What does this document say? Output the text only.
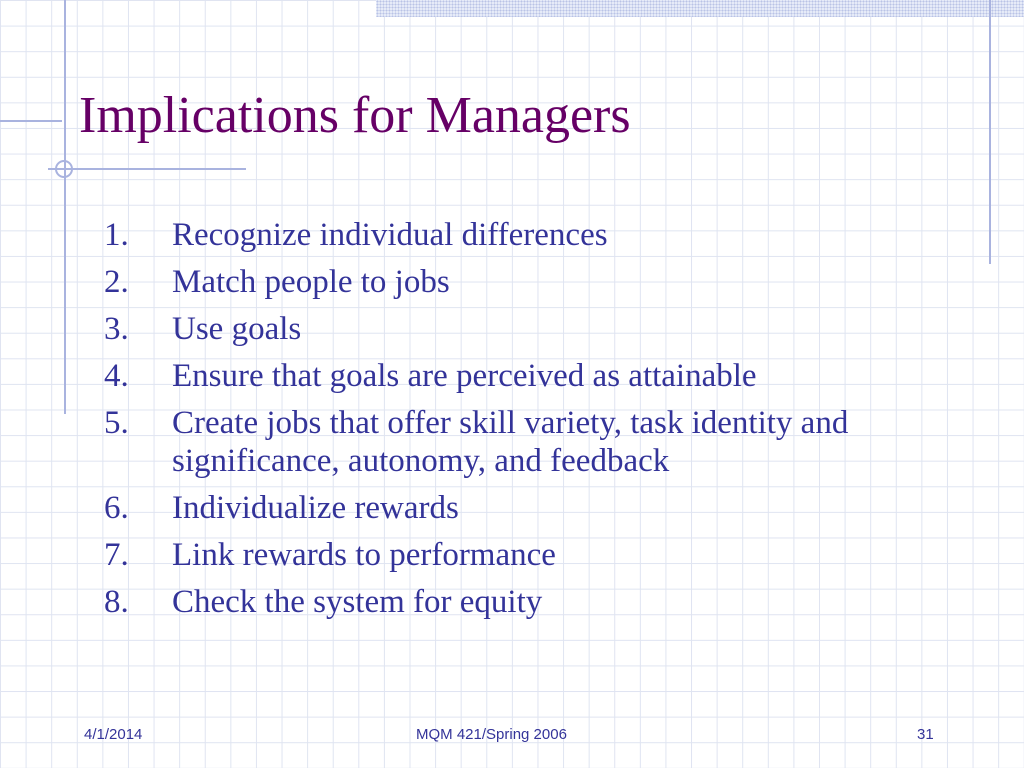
Implications for Managers
1.	Recognize individual differences
2.	Match people to jobs
3.	Use goals
4.	Ensure that goals are perceived as attainable
5.	Create jobs that offer skill variety, task identity and significance, autonomy, and feedback
6.	Individualize rewards
7.	Link rewards to performance
8.	Check the system for equity
4/1/2014	MQM 421/Spring 2006	31
